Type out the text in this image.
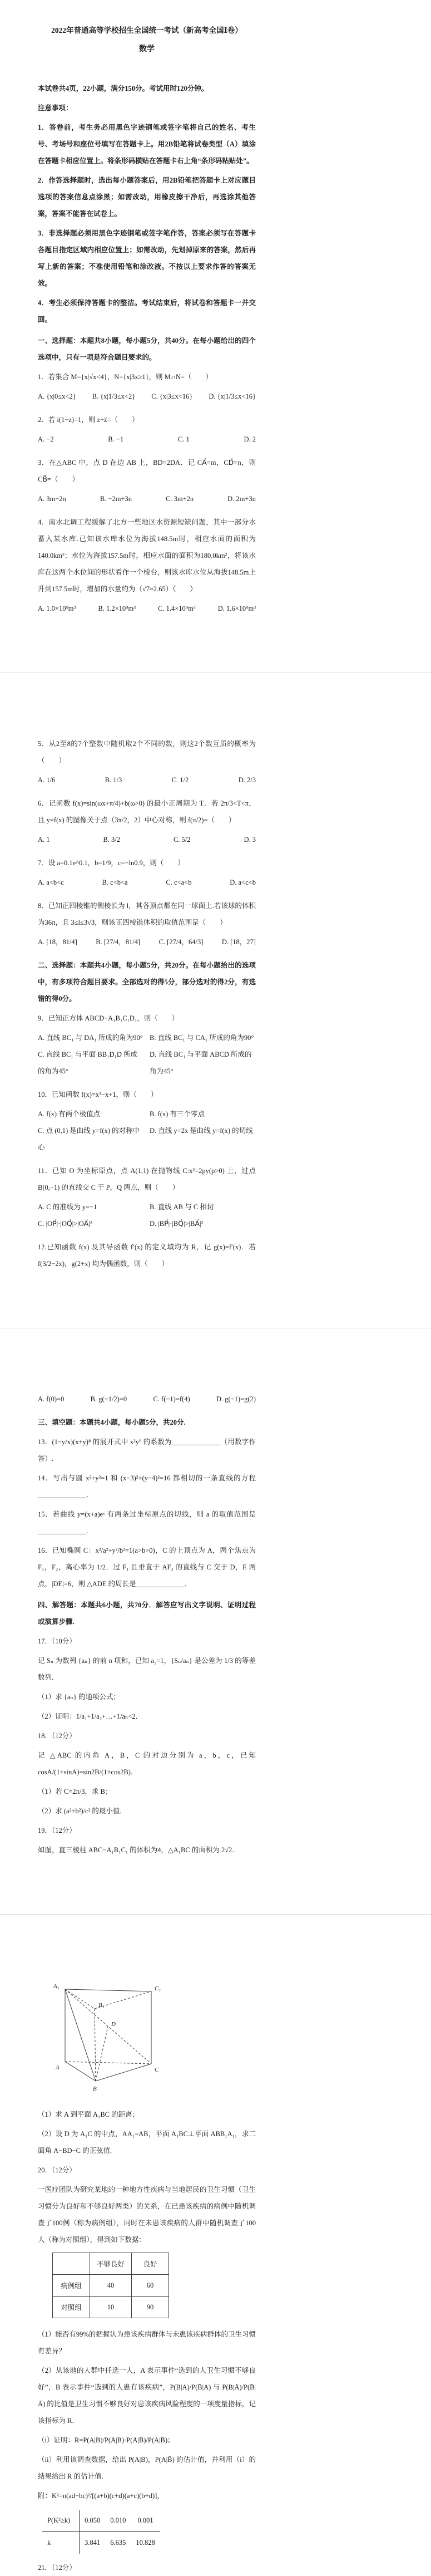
2022年普通高等学校招生全国统一考试（新高考全国Ⅰ卷）
数学
本试卷共4页，22小题，满分150分。考试用时120分钟。
注意事项：
1．答卷前，考生务必用黑色字迹钢笔或签字笔将自己的姓名、考生号、考场号和座位号填写在答题卡上。用2B铅笔将试卷类型（A）填涂在答题卡相应位置上。将条形码横贴在答题卡右上角“条形码粘贴处”。
2．作答选择题时，选出每小题答案后，用2B铅笔把答题卡上对应题目选项的答案信息点涂黑；如需改动，用橡皮擦干净后，再选涂其他答案，答案不能答在试卷上。
3．非选择题必须用黑色字迹钢笔或签字笔作答，答案必须写在答题卡各题目指定区域内相应位置上；如需改动，先划掉原来的答案，然后再写上新的答案；不准使用铅笔和涂改液。不按以上要求作答的答案无效。
4．考生必须保持答题卡的整洁。考试结束后，将试卷和答题卡一并交回。
一、选择题：本题共8小题，每小题5分，共40分。在每小题给出的四个选项中，只有一项是符合题目要求的。
1．若集合 M={x|√x<4}，N={x|3x≥1}，则 M∩N=（　　）
A. {x|0≤x<2} B. {x|1/3≤x<2} C. {x|3≤x<16} D. {x|1/3≤x<16}
2．若 i(1−z)=1，则 z+z̄=（　　）
A. −2	B. −1	C. 1	D. 2
3．在△ABC 中，点 D 在边 AB 上，BD=2DA．记 CA⃗=m，CD⃗=n，则 CB⃗=（　　）
A. 3m−2n	B. −2m+3n	C. 3m+2n	D. 2m+3n
4．南水北调工程缓解了北方一些地区水资源短缺问题，其中一部分水蓄入某水库.已知该水库水位为海拔148.5m时，相应水面的面积为140.0km²；水位为海拔157.5m时，相应水面的面积为180.0km²，将该水库在这两个水位间的形状看作一个棱台，则该水库水位从海拔148.5m上升到157.5m时，增加的水量约为（√7≈2.65）（　　）
A. 1.0×10⁹m³	B. 1.2×10⁹m³	C. 1.4×10⁹m³	D. 1.6×10⁹m³
5．从2至8的7个整数中随机取2个不同的数，则这2个数互质的概率为（　　）
A. 1/6	B. 1/3	C. 1/2	D. 2/3
6．记函数 f(x)=sin(ωx+π/4)+b(ω>0) 的最小正周期为 T．若 2π/3<T<π，且 y=f(x) 的图像关于点（3π/2，2）中心对称，则 f(π/2)=（　　）
A. 1	B. 3/2	C. 5/2	D. 3
7．设 a=0.1e^0.1，b=1/9，c=−ln0.9，则（　　）
A. a<b<c	B. c<b<a	C. c<a<b	D. a<c<b
8．已知正四棱锥的侧棱长为 l，其各顶点都在同一球面上.若该球的体积为36π，且 3≤l≤3√3，则该正四棱锥体积的取值范围是（　　）
A. [18，81/4]	B. [27/4，81/4]	C. [27/4，64/3]	D. [18，27]
二、选择题：本题共4小题，每小题5分，共20分。在每小题给出的选项中，有多项符合题目要求。全部选对的得5分，部分选对的得2分，有选错的得0分。
9．已知正方体 ABCD−A₁B₁C₁D₁，则（　　）
A. 直线 BC₁ 与 DA₁ 所成的角为90° B. 直线 BC₁ 与 CA₁ 所成的角为90°
C. 直线 BC₁ 与平面 BB₁D₁D 所成的角为45°
D. 直线 BC₁ 与平面 ABCD 所成的角为45°
10．已知函数 f(x)=x³−x+1，则（　　）
A. f(x) 有两个极值点	B. f(x) 有三个零点
C. 点 (0,1) 是曲线 y=f(x) 的对称中心
D. 直线 y=2x 是曲线 y=f(x) 的切线
11．已知 O 为坐标原点，点 A(1,1) 在抛物线 C:x²=2py(p>0) 上，过点 B(0,−1) 的直线交 C 于 P，Q 两点，则（　　）
A. C 的准线为 y=−1	B. 直线 AB 与 C 相切
C. |OP⃗|·|OQ⃗|>|OA⃗|²	D. |BP⃗|·|BQ⃗|>|BA⃗|²
12.已知函数 f(x) 及其导函数 f′(x) 的定义域均为 R，记 g(x)=f′(x)．若 f(3/2−2x)，g(2+x) 均为偶函数，则（　　）
A. f(0)=0	B. g(−1/2)=0	C. f(−1)=f(4)	D. g(−1)=g(2)
三、填空题：本题共4小题，每小题5分，共20分.
13．(1−y/x)(x+y)⁸ 的展开式中 x²y⁶ 的系数为______________（用数字作答）.
14．写出与圆 x²+y²=1 和 (x−3)²+(y−4)²=16 都相切的一条直线的方程______________.
15．若曲线 y=(x+a)eˣ 有两条过坐标原点的切线，则 a 的取值范围是______________.
16．已知椭圆 C：x²/a²+y²/b²=1(a>b>0)，C 的上顶点为 A，两个焦点为 F₁，F₂，离心率为 1/2．过 F₁ 且垂直于 AF₂ 的直线与 C 交于 D，E 两点，|DE|=6，则 △ADE 的周长是______________.
四、解答题：本题共6小题，共70分．解答应写出文字说明、证明过程或演算步骤.
17．（10分）
记 Sₙ 为数列 {aₙ} 的前 n 项和，已知 a₁=1，{Sₙ/aₙ} 是公差为 1/3 的等差数列.
（1）求 {aₙ} 的通项公式；
（2）证明：1/a₁+1/a₂+…+1/aₙ<2．
18．（12分）
记 △ABC 的内角 A，B，C 的对边分别为 a，b，c，已知 cosA/(1+sinA)=sin2B/(1+cos2B)．
（1）若 C=2π/3，求 B；
（2）求 (a²+b²)/c² 的最小值.
19．（12分）
如图，直三棱柱 ABC−A₁B₁C₁ 的体积为4，△A₁BC 的面积为 2√2．
A₁	C₁
B₁
D
A
B
C
（1）求 A 到平面 A₁BC 的距离；
（2）设 D 为 A₁C 的中点，AA₁=AB，平面 A₁BC⊥平面 ABB₁A₁，求二面角 A−BD−C 的正弦值.
20．（12分）
一医疗团队为研究某地的一种地方性疾病与当地居民的卫生习惯（卫生习惯分为良好和不够良好两类）的关系，在已患该疾病的病例中随机调查了100例（称为病例组），同时在未患该疾病的人群中随机调查了100人（称为对照组），得到如下数据：
	不够良好	良好
病例组	40	60
对照组	10	90
（1）能否有99%的把握认为患该疾病群体与未患该疾病群体的卫生习惯有差异？
（2）从该地的人群中任选一人，A 表示事件“选到的人卫生习惯不够良好”，B 表示事件“选到的人患有该疾病”，P(B|A)/P(B̄|A) 与 P(B|Ā)/P(B̄|Ā) 的比值是卫生习惯不够良好对患该疾病风险程度的一项度量指标，记该指标为 R．
（i）证明：R=P(A|B)/P(Ā|B)·P(Ā|B̄)/P(A|B̄)；
（ii）利用该调查数据，给出 P(A|B)，P(A|B̄) 的估计值，并利用（i）的结果给出 R 的估计值.
附：K²=n(ad−bc)²/[(a+b)(c+d)(a+c)(b+d)]，
P(K²≥k)	0.050	0.010	0.001
k	3.841	6.635	10.828
21．（12分）
